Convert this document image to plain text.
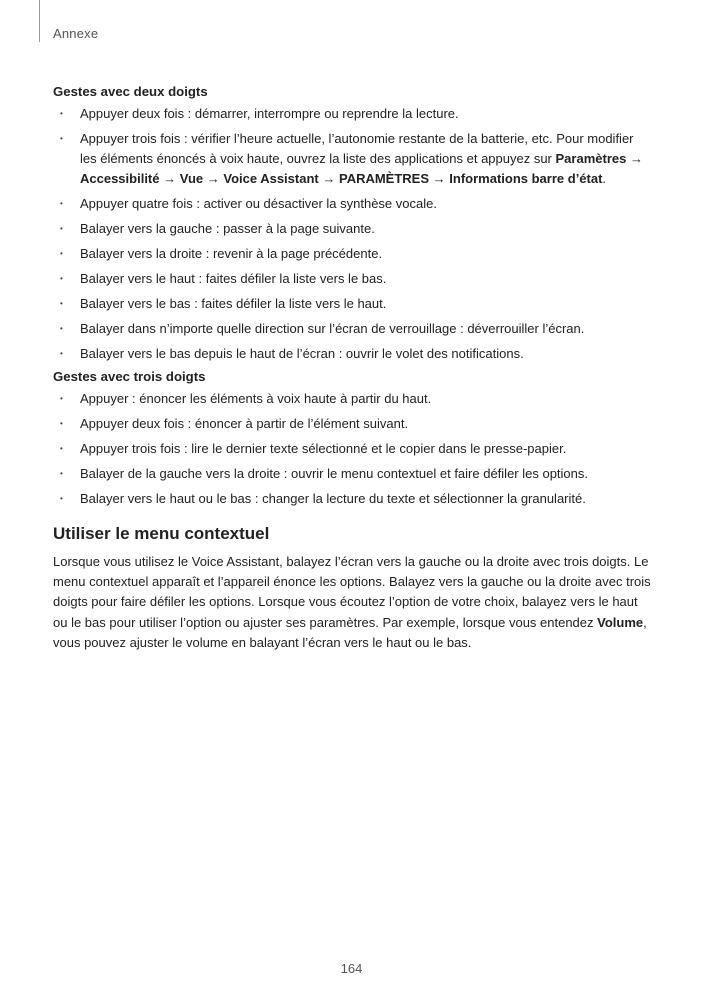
Annexe
Gestes avec deux doigts
• Appuyer deux fois : démarrer, interrompre ou reprendre la lecture.
• Appuyer trois fois : vérifier l’heure actuelle, l’autonomie restante de la batterie, etc. Pour modifier les éléments énoncés à voix haute, ouvrez la liste des applications et appuyez sur Paramètres → Accessibilité → Vue → Voice Assistant → PARAMÈTRES → Informations barre d’état.
• Appuyer quatre fois : activer ou désactiver la synthèse vocale.
• Balayer vers la gauche : passer à la page suivante.
• Balayer vers la droite : revenir à la page précédente.
• Balayer vers le haut : faites défiler la liste vers le bas.
• Balayer vers le bas : faites défiler la liste vers le haut.
• Balayer dans n’importe quelle direction sur l’écran de verrouillage : déverrouiller l’écran.
• Balayer vers le bas depuis le haut de l’écran : ouvrir le volet des notifications.
Gestes avec trois doigts
• Appuyer : énoncer les éléments à voix haute à partir du haut.
• Appuyer deux fois : énoncer à partir de l’élément suivant.
• Appuyer trois fois : lire le dernier texte sélectionné et le copier dans le presse-papier.
• Balayer de la gauche vers la droite : ouvrir le menu contextuel et faire défiler les options.
• Balayer vers le haut ou le bas : changer la lecture du texte et sélectionner la granularité.
Utiliser le menu contextuel

Lorsque vous utilisez le Voice Assistant, balayez l’écran vers la gauche ou la droite avec trois doigts. Le menu contextuel apparaît et l’appareil énonce les options. Balayez vers la gauche ou la droite avec trois doigts pour faire défiler les options. Lorsque vous écoutez l’option de votre choix, balayez vers le haut ou le bas pour utiliser l’option ou ajuster ses paramètres. Par exemple, lorsque vous entendez Volume, vous pouvez ajuster le volume en balayant l’écran vers le haut ou le bas.

164
